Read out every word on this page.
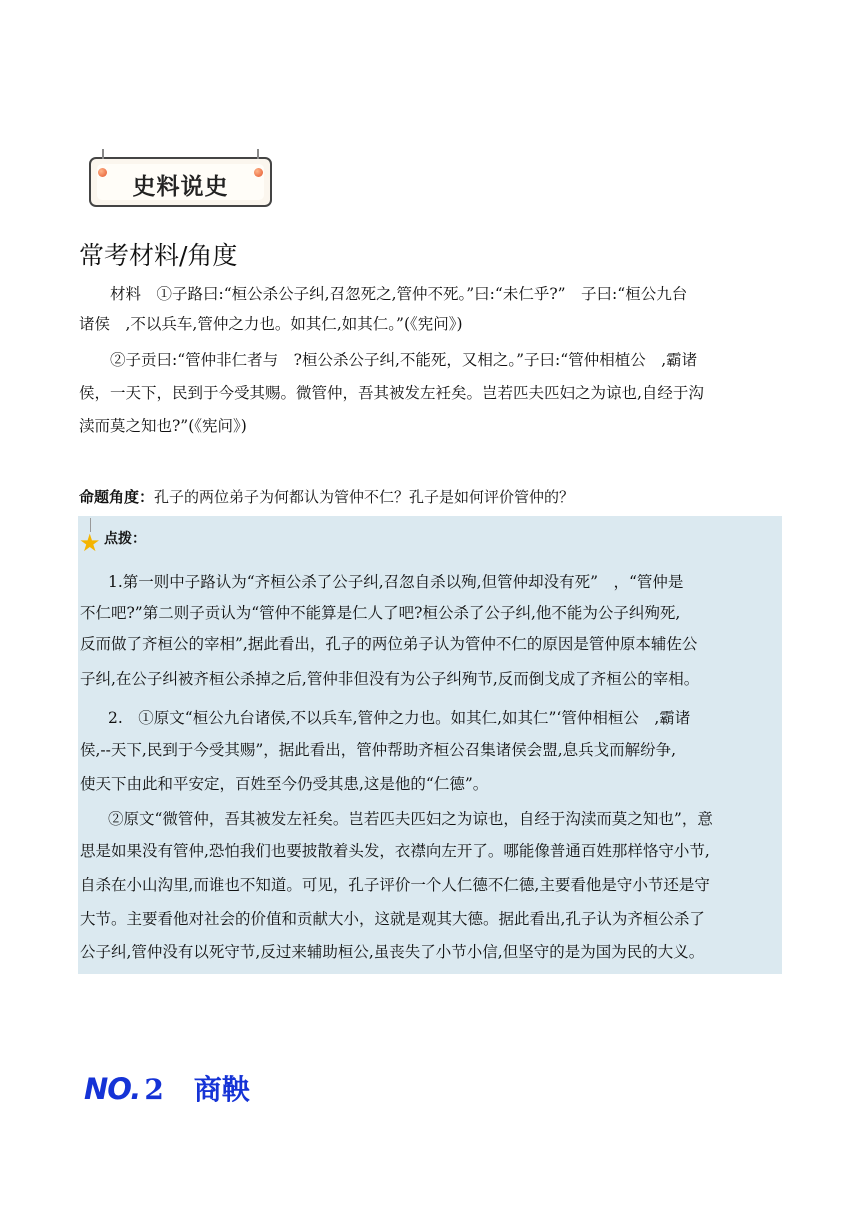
史料说史
常考材料/角度

材料　①子路曰:“桓公杀公子纠,召忽死之,管仲不死。”曰:“未仁乎?”　子曰:“桓公九台

诸侯　,不以兵车,管仲之力也。如其仁,如其仁。”(《宪问》)

②子贡曰:“管仲非仁者与　?桓公杀公子纠,不能死，又相之。”子曰:“管仲相植公　,霸诸

侯，一天下，民到于今受其赐。微管仲，吾其被发左衽矣。岂若匹夫匹妇之为谅也,自经于沟

渎而莫之知也?”(《宪问》)

命题角度：孔子的两位弟子为何都认为管仲不仁？孔子是如何评价管仲的？
★ 点拨：

1.第一则中子路认为“齐桓公杀了公子纠,召忽自杀以殉,但管仲却没有死”　，“管仲是

不仁吧?”第二则子贡认为“管仲不能算是仁人了吧?桓公杀了公子纠,他不能为公子纠殉死,

反而做了齐桓公的宰相”,据此看出，孔子的两位弟子认为管仲不仁的原因是管仲原本辅佐公

子纠,在公子纠被齐桓公杀掉之后,管仲非但没有为公子纠殉节,反而倒戈成了齐桓公的宰相。

2.　①原文“桓公九台诸侯,不以兵车,管仲之力也。如其仁,如其仁”‘管仲相桓公　,霸诸

侯,--天下,民到于今受其赐”，据此看出，管仲帮助齐桓公召集诸侯会盟,息兵戈而解纷争,

使天下由此和平安定，百姓至今仍受其患,这是他的“仁德”。

②原文“微管仲，吾其被发左衽矣。岂若匹夫匹妇之为谅也，自经于沟渎而莫之知也”，意

思是如果没有管仲,恐怕我们也要披散着头发，衣襟向左开了。哪能像普通百姓那样恪守小节,

自杀在小山沟里,而谁也不知道。可见，孔子评价一个人仁德不仁德,主要看他是守小节还是守

大节。主要看他对社会的价值和贡献大小，这就是观其大德。据此看出,孔子认为齐桓公杀了

公子纠,管仲没有以死守节,反过来辅助桓公,虽丧失了小节小信,但坚守的是为国为民的大义。

NO. 2 商鞅
